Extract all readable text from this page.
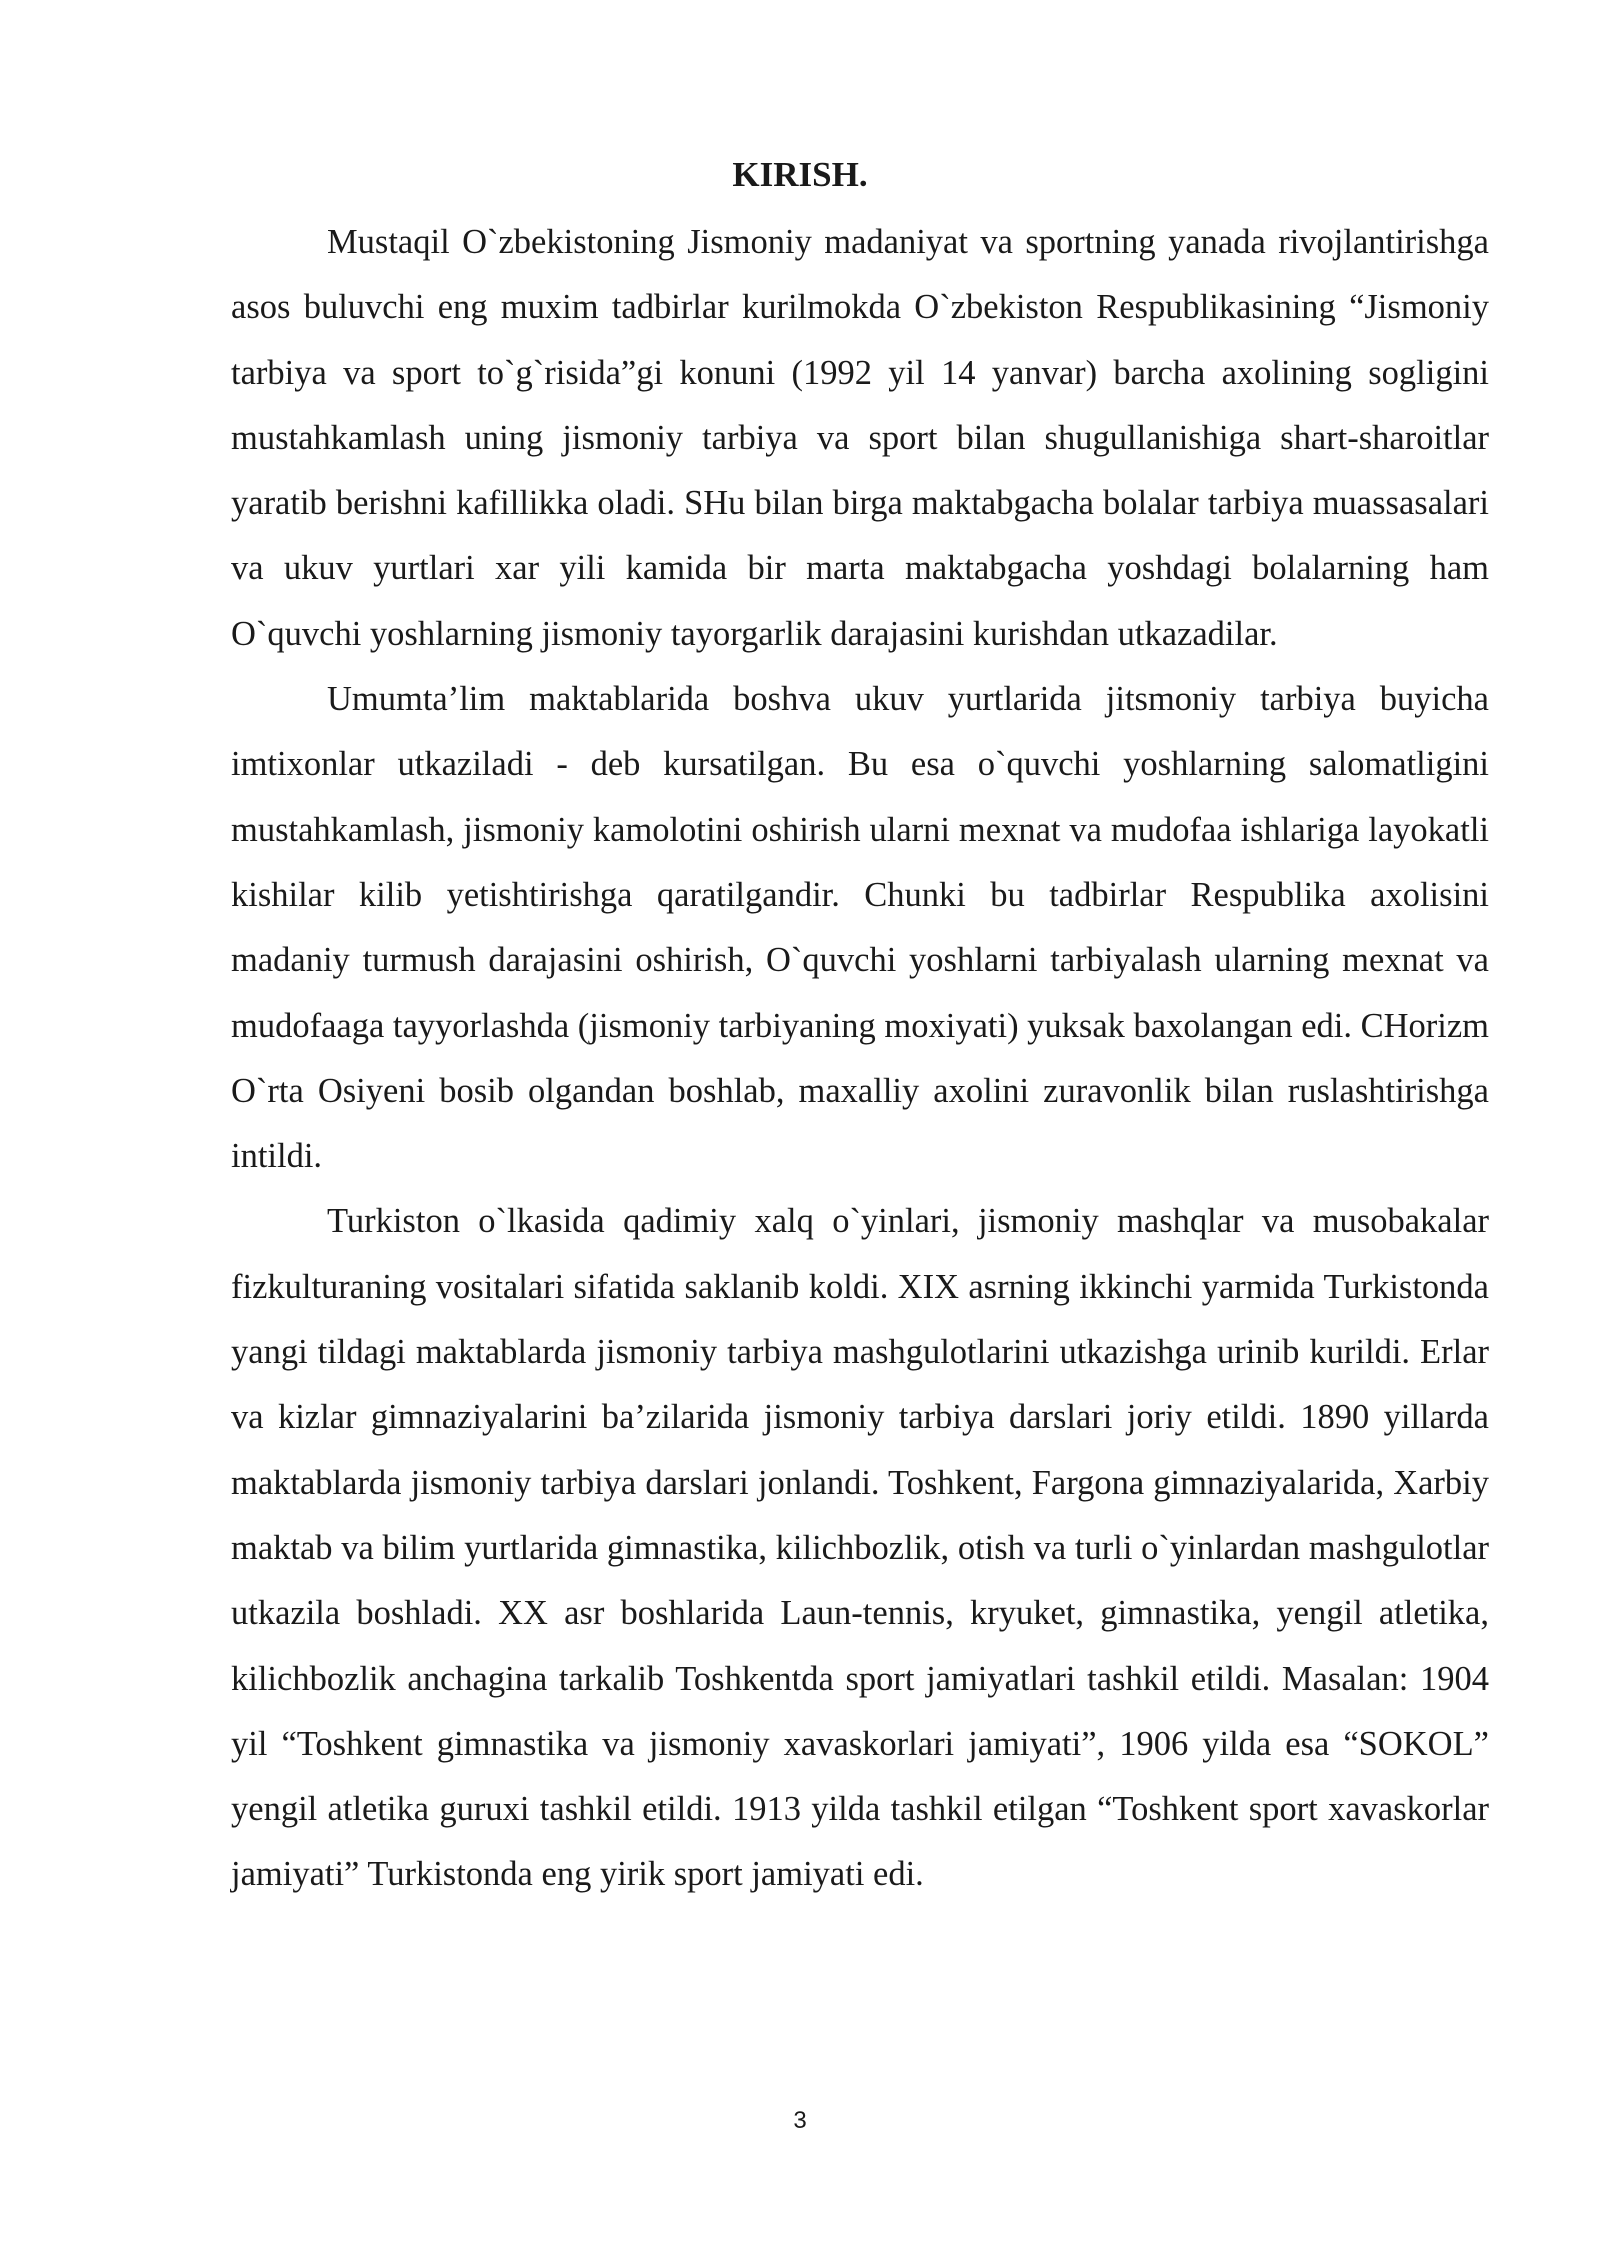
KIRISH.

Mustaqil O`zbekistoning Jismoniy madaniyat va sportning yanada rivojlantirishga asos buluvchi eng muxim tadbirlar kurilmokda O`zbekiston Respublikasining “Jismoniy tarbiya va sport to`g`risida”gi konuni (1992 yil 14 yanvar) barcha axolining sogligini mustahkamlash uning jismoniy tarbiya va sport bilan shugullanishiga shart-sharoitlar yaratib berishni kafillikka oladi. SHu bilan birga maktabgacha bolalar tarbiya muassasalari va ukuv yurtlari xar yili kamida bir marta maktabgacha yoshdagi bolalarning ham O`quvchi yoshlarning jismoniy tayorgarlik darajasini kurishdan utkazadilar.

Umumta’lim maktablarida boshva ukuv yurtlarida jitsmoniy tarbiya buyicha imtixonlar utkaziladi - deb kursatilgan. Bu esa o`quvchi yoshlarning salomatligini mustahkamlash, jismoniy kamolotini oshirish ularni mexnat va mudofaa ishlariga layokatli kishilar kilib yetishtirishga qaratilgandir. Chunki bu tadbirlar Respublika axolisini madaniy turmush darajasini oshirish, O`quvchi yoshlarni tarbiyalash ularning mexnat va mudofaaga tayyorlashda (jismoniy tarbiyaning moxiyati) yuksak baxolangan edi. CHorizm O`rta Osiyeni bosib olgandan boshlab, maxalliy axolini zuravonlik bilan ruslashtirishga intildi.

Turkiston o`lkasida qadimiy xalq o`yinlari, jismoniy mashqlar va musobakalar fizkulturaning vositalari sifatida saklanib koldi. XIX asrning ikkinchi yarmida Turkistonda yangi tildagi maktablarda jismoniy tarbiya mashgulotlarini utkazishga urinib kurildi. Erlar va kizlar gimnaziyalarini ba’zilarida jismoniy tarbiya darslari joriy etildi. 1890 yillarda maktablarda jismoniy tarbiya darslari jonlandi. Toshkent, Fargona gimnaziyalarida, Xarbiy maktab va bilim yurtlarida gimnastika, kilichbozlik, otish va turli o`yinlardan mashgulotlar utkazila boshladi. XX asr boshlarida Laun-tennis, kryuket, gimnastika, yengil atletika, kilichbozlik anchagina tarkalib Toshkentda sport jamiyatlari tashkil etildi. Masalan: 1904 yil “Toshkent gimnastika va jismoniy xavaskorlari jamiyati”, 1906 yilda esa “SOKOL” yengil atletika guruxi tashkil etildi. 1913 yilda tashkil etilgan “Toshkent sport xavaskorlar jamiyati” Turkistonda eng yirik sport jamiyati edi.

3
